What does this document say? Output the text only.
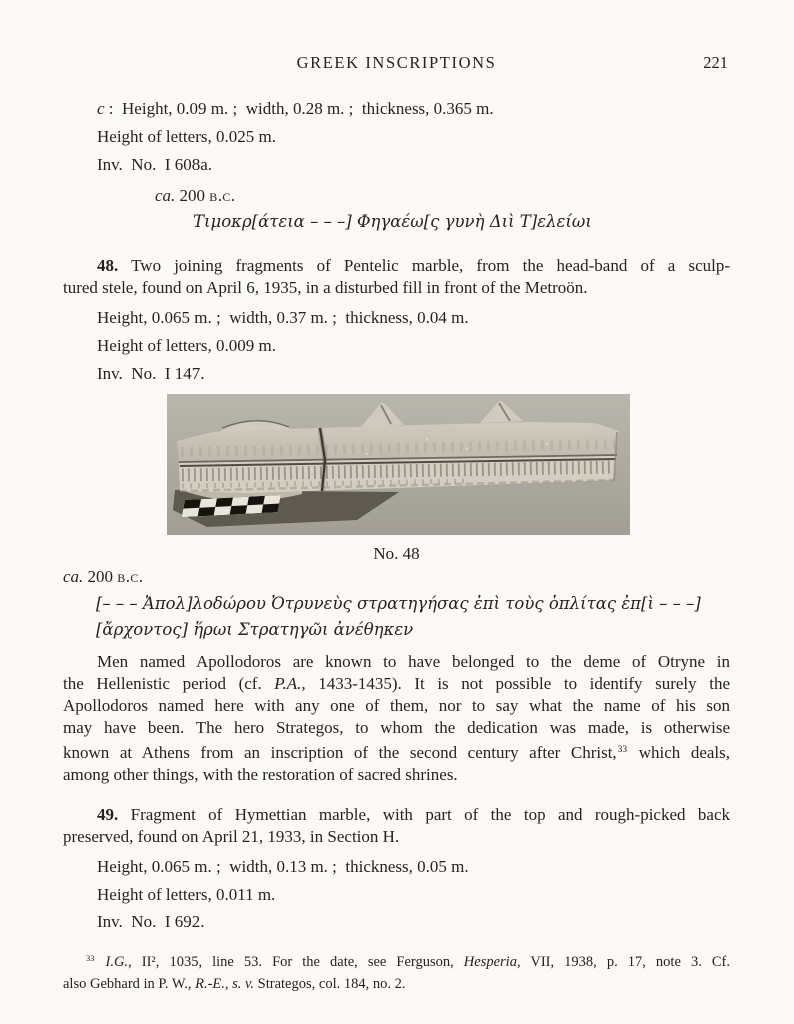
GREEK INSCRIPTIONS	221
c :  Height, 0.09 m. ;  width, 0.28 m. ;  thickness, 0.365 m.
Height of letters, 0.025 m.
Inv.  No.  I 608a.
ca. 200 b.c.
Τιμοκρ[άτεια – – –] Φηγαέω[ς γυνὴ Διὶ Τ]ελείωι
48. Two joining fragments of Pentelic marble, from the head-band of a sculp-
tured stele, found on April 6, 1935, in a disturbed fill in front of the Metroön.
Height, 0.065 m. ;  width, 0.37 m. ;  thickness, 0.04 m.
Height of letters, 0.009 m.
Inv.  No.  I 147.
No. 48
ca. 200 b.c.
[– – – Ἀπολ]λοδώρου Ὀτρυνεὺς στρατηγήσας ἐπὶ τοὺς ὁπλίτας ἐπ[ὶ – – –]
[ἄρχοντος] ἥρωι Στρατηγῶι ἀνέθηκεν
Men named Apollodoros are known to have belonged to the deme of Otryne in
the Hellenistic period (cf. P.A., 1433-1435). It is not possible to identify surely the
Apollodoros named here with any one of them, nor to say what the name of his son
may have been. The hero Strategos, to whom the dedication was made, is otherwise
known at Athens from an inscription of the second century after Christ,$^{33}$ which deals,
among other things, with the restoration of sacred shrines.
49. Fragment of Hymettian marble, with part of the top and rough-picked back
preserved, found on April 21, 1933, in Section H.
Height, 0.065 m. ;  width, 0.13 m. ;  thickness, 0.05 m.
Height of letters, 0.011 m.
Inv.  No.  I 692.
$^{33}$ I.G., II², 1035, line 53. For the date, see Ferguson, Hesperia, VII, 1938, p. 17, note 3. Cf.
also Gebhard in P. W., R.-E., s. v. Strategos, col. 184, no. 2.
